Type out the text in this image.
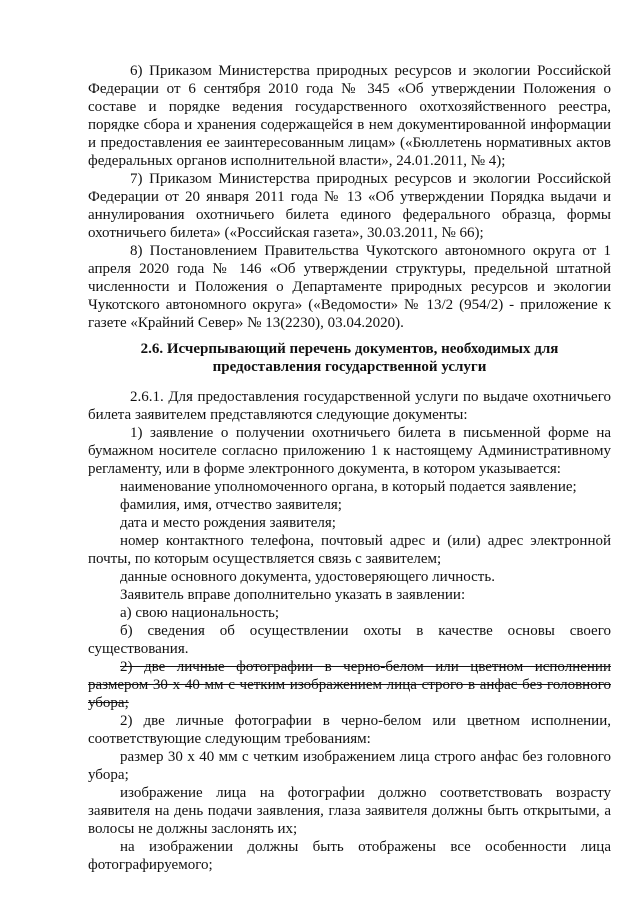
6) Приказом Министерства природных ресурсов и экологии Российской Федерации от 6 сентября 2010 года № 345 «Об утверждении Положения о составе и порядке ведения государственного охотхозяйственного реестра, порядке сбора и хранения содержащейся в нем документированной информации и предоставления ее заинтересованным лицам» («Бюллетень нормативных актов федеральных органов исполнительной власти», 24.01.2011, № 4);

7) Приказом Министерства природных ресурсов и экологии Российской Федерации от 20 января 2011 года № 13 «Об утверждении Порядка выдачи и аннулирования охотничьего билета единого федерального образца, формы охотничьего билета» («Российская газета», 30.03.2011, № 66);

8) Постановлением Правительства Чукотского автономного округа от 1 апреля 2020 года № 146 «Об утверждении структуры, предельной штатной численности и Положения о Департаменте природных ресурсов и экологии Чукотского автономного округа» («Ведомости» № 13/2 (954/2) - приложение к газете «Крайний Север» № 13(2230), 03.04.2020).

2.6. Исчерпывающий перечень документов, необходимых для предоставления государственной услуги

2.6.1. Для предоставления государственной услуги по выдаче охотничьего билета заявителем представляются следующие документы:

1) заявление о получении охотничьего билета в письменной форме на бумажном носителе согласно приложению 1 к настоящему Административному регламенту, или в форме электронного документа, в котором указывается:

наименование уполномоченного органа, в который подается заявление;

фамилия, имя, отчество заявителя;

дата и место рождения заявителя;

номер контактного телефона, почтовый адрес и (или) адрес электронной почты, по которым осуществляется связь с заявителем;

данные основного документа, удостоверяющего личность.

Заявитель вправе дополнительно указать в заявлении:

а) свою национальность;

б) сведения об осуществлении охоты в качестве основы своего существования.

2) две личные фотографии в черно-белом или цветном исполнении размером 30 х 40 мм с четким изображением лица строго в анфас без головного убора;

2) две личные фотографии в черно-белом или цветном исполнении, соответствующие следующим требованиям:

размер 30 х 40 мм с четким изображением лица строго анфас без головного убора;

изображение лица на фотографии должно соответствовать возрасту заявителя на день подачи заявления, глаза заявителя должны быть открытыми, а волосы не должны заслонять их;

на изображении должны быть отображены все особенности лица фотографируемого;
